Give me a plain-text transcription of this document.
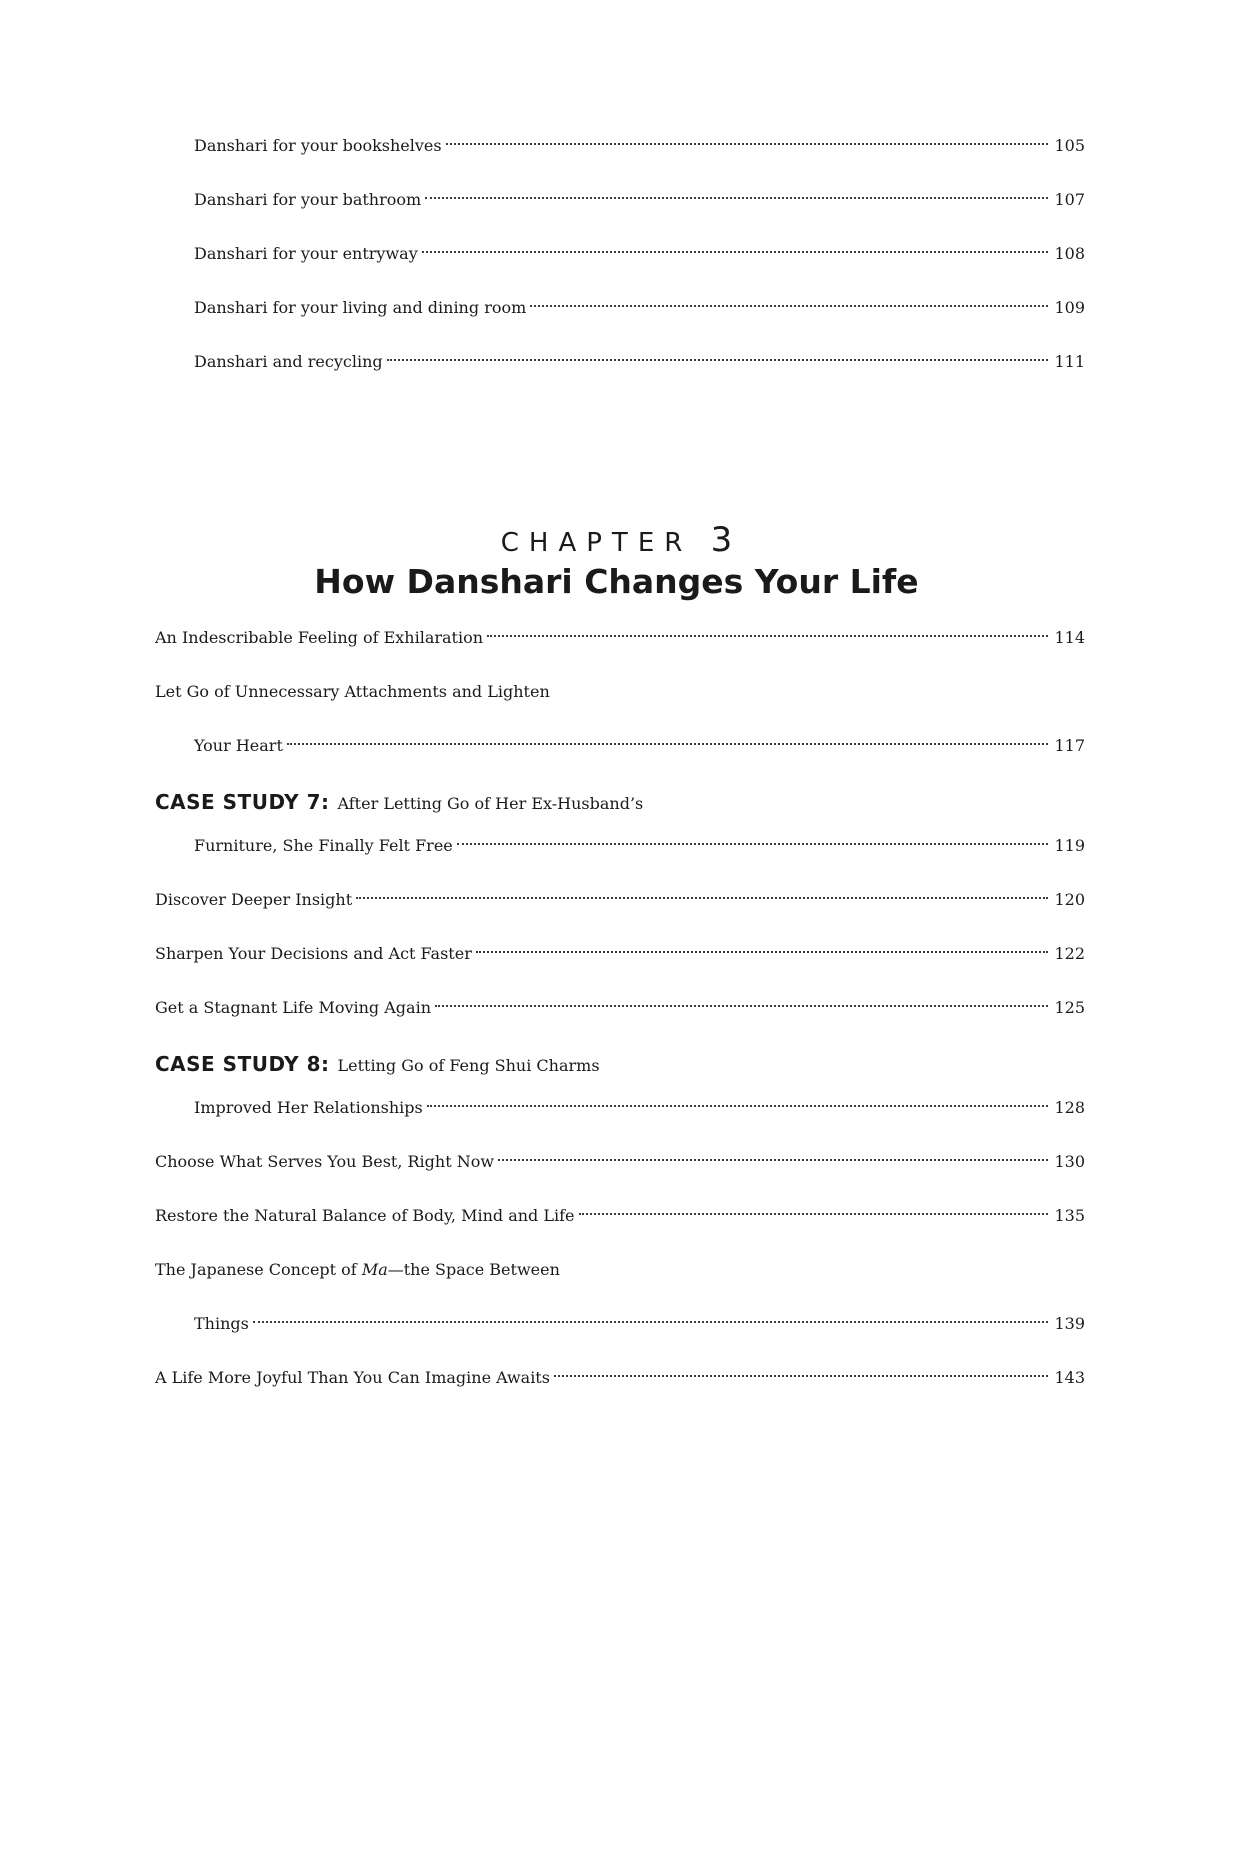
Danshari for your bookshelves	105
Danshari for your bathroom	107
Danshari for your entryway	108
Danshari for your living and dining room	109
Danshari and recycling	111
CHAPTER 3
How Danshari Changes Your Life
An Indescribable Feeling of Exhilaration	114
Let Go of Unnecessary Attachments and Lighten
Your Heart	117
CASE STUDY 7: After Letting Go of Her Ex-Husband’s
Furniture, She Finally Felt Free	119
Discover Deeper Insight	120
Sharpen Your Decisions and Act Faster	122
Get a Stagnant Life Moving Again	125
CASE STUDY 8: Letting Go of Feng Shui Charms
Improved Her Relationships	128
Choose What Serves You Best, Right Now	130
Restore the Natural Balance of Body, Mind and Life	135
The Japanese Concept of Ma—the Space Between
Things	139
A Life More Joyful Than You Can Imagine Awaits	143
